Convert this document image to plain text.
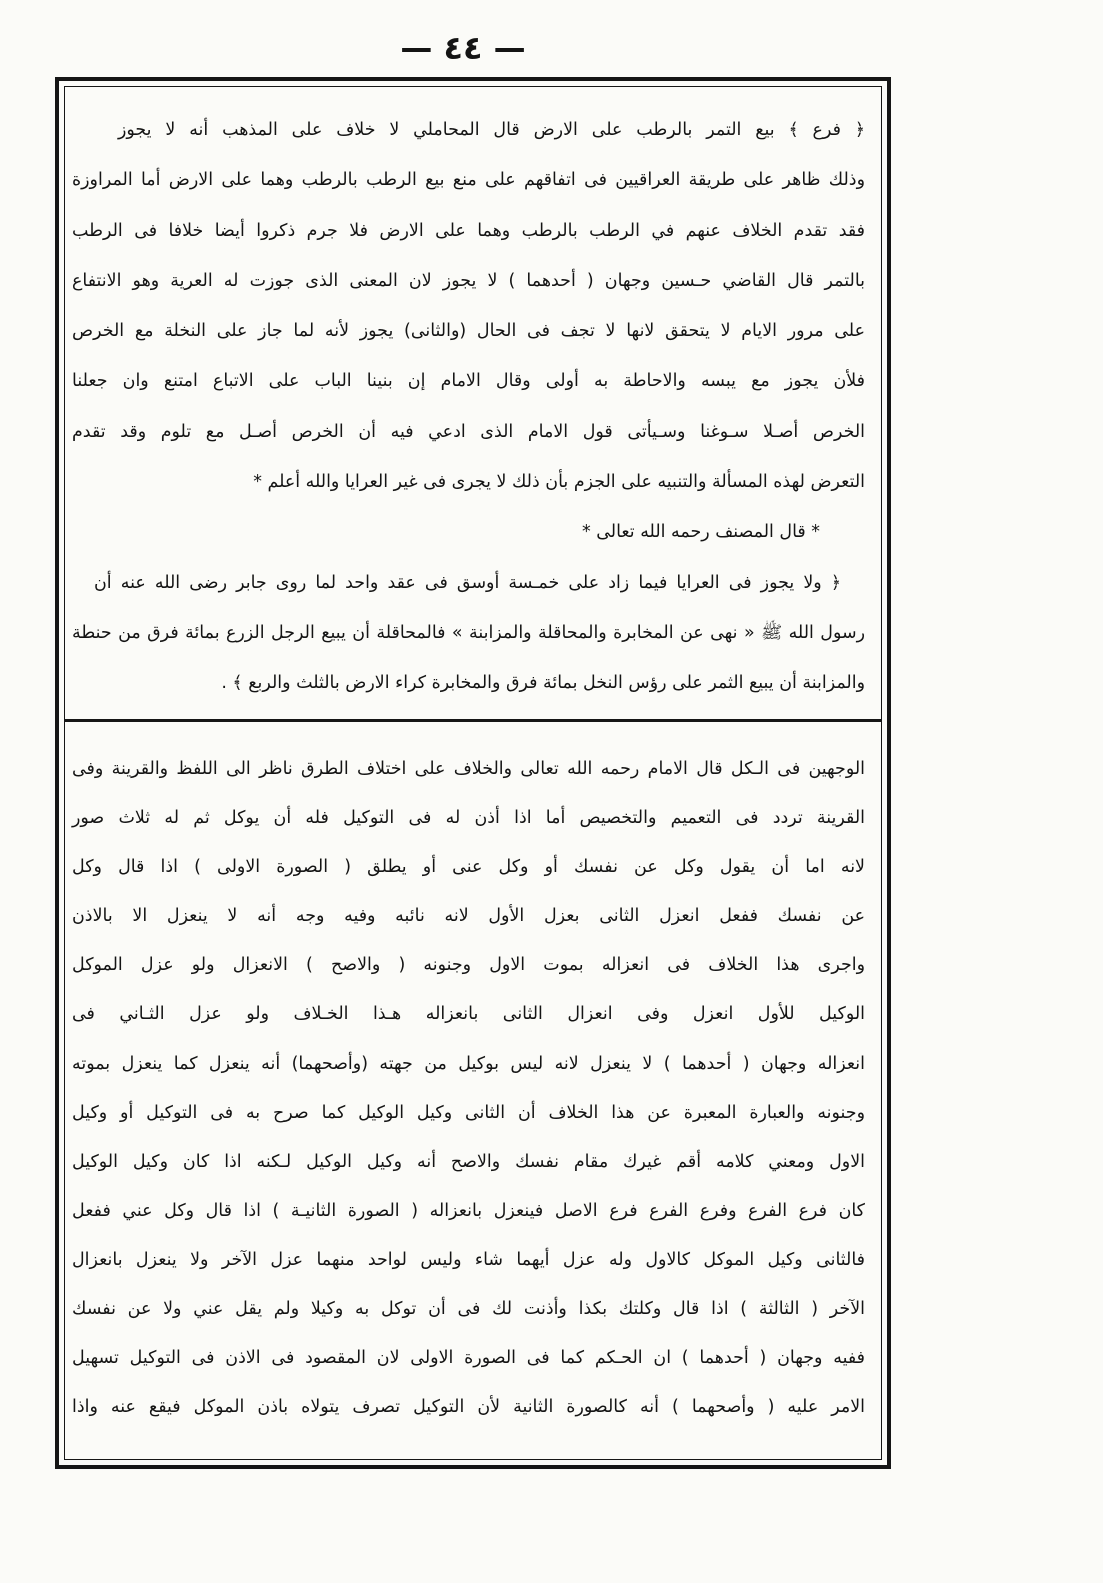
— ٤٤ —
﴿ فرع ﴾ بيع التمر بالرطب على الارض قال المحاملي لا خلاف على المذهب أنه لا يجوز
وذلك ظاهر على طريقة العراقيين فى اتفاقهم على منع بيع الرطب بالرطب وهما على الارض أما المراوزة
فقد تقدم الخلاف عنهم في الرطب بالرطب وهما على الارض فلا جرم ذكروا أيضا خلافا فى الرطب
بالتمر قال القاضي حـسين وجهان ( أحدهما ) لا يجوز لان المعنى الذى جوزت له العرية وهو الانتفاع
على مرور الايام لا يتحقق لانها لا تجف فى الحال (والثانى) يجوز لأنه لما جاز على النخلة مع الخرص
فلأن يجوز مع يبسه والاحاطة به أولى وقال الامام إن بنينا الباب على الاتباع امتنع وان جعلنا
الخرص أصـلا سـوغنا وسـيأتى قول الامام الذى ادعي فيه أن الخرص أصـل مع تلوم وقد تقدم
التعرض لهذه المسألة والتنبيه على الجزم بأن ذلك لا يجرى فى غير العرايا والله أعلم *
* قال المصنف رحمه الله تعالى *
﴿ ولا يجوز فى العرايا فيما زاد على خمـسة أوسق فى عقد واحد لما روى جابر رضى الله عنه أن
رسول الله ﷺ « نهى عن المخابرة والمحاقلة والمزابنة » فالمحاقلة أن يبيع الرجل الزرع بمائة فرق من حنطة
والمزابنة أن يبيع الثمر على رؤس النخل بمائة فرق والمخابرة كراء الارض بالثلث والربع ﴾ .
الوجهين فى الـكل قال الامام رحمه الله تعالى والخلاف على اختلاف الطرق ناظر الى اللفظ والقرينة وفى
القرينة تردد فى التعميم والتخصيص أما اذا أذن له فى التوكيل فله أن يوكل ثم له ثلاث صور
لانه اما أن يقول وكل عن نفسك أو وكل عنى أو يطلق ( الصورة الاولى ) اذا قال وكل
عن نفسك ففعل انعزل الثانى بعزل الأول لانه نائبه وفيه وجه أنه لا ينعزل الا بالاذن
واجرى هذا الخلاف فى انعزاله بموت الاول وجنونه ( والاصح ) الانعزال ولو عزل الموكل
الوكيل للأول انعزل وفى انعزال الثانى بانعزاله هـذا الخـلاف ولو عزل الثـاني فى
انعزاله وجهان ( أحدهما ) لا ينعزل لانه ليس بوكيل من جهته (وأصحهما) أنه ينعزل كما ينعزل بموته
وجنونه والعبارة المعبرة عن هذا الخلاف أن الثانى وكيل الوكيل كما صرح به فى التوكيل أو وكيل
الاول ومعني كلامه أقم غيرك مقام نفسك والاصح أنه وكيل الوكيل لـكنه اذا كان وكيل الوكيل
كان فرع الفرع وفرع الفرع فرع الاصل فينعزل بانعزاله ( الصورة الثانيـة ) اذا قال وكل عني ففعل
فالثانى وكيل الموكل كالاول وله عزل أيهما شاء وليس لواحد منهما عزل الآخر ولا ينعزل بانعزال
الآخر ( الثالثة ) اذا قال وكلتك بكذا وأذنت لك فى أن توكل به وكيلا ولم يقل عني ولا عن نفسك
ففيه وجهان ( أحدهما ) ان الحـكم كما فى الصورة الاولى لان المقصود فى الاذن فى التوكيل تسهيل
الامر عليه ( وأصحهما ) أنه كالصورة الثانية لأن التوكيل تصرف يتولاه باذن الموكل فيقع عنه واذا
